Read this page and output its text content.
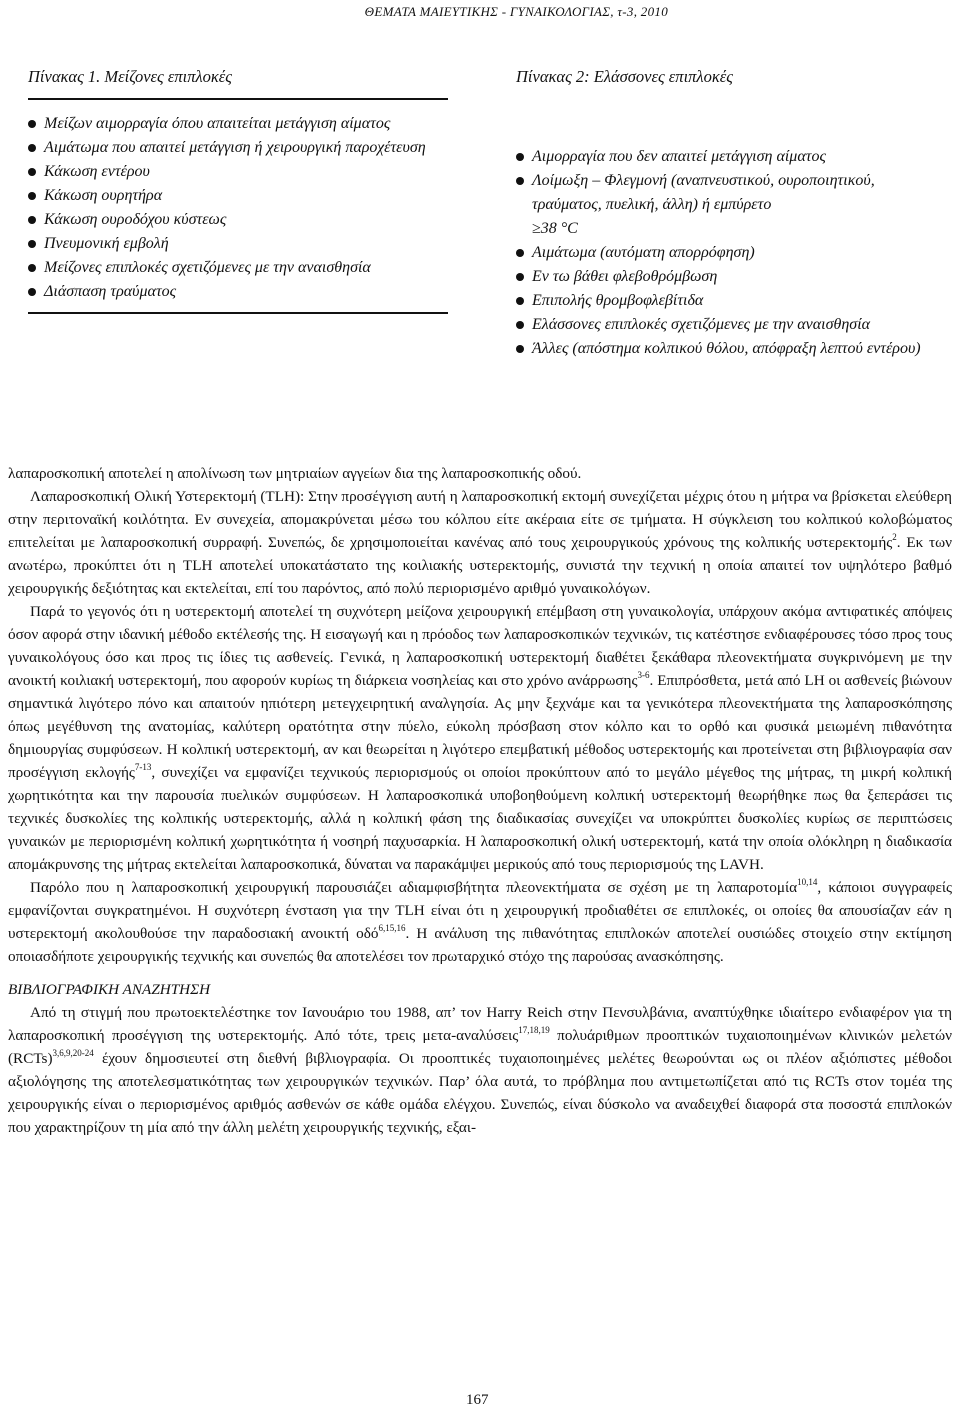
ΘΕΜΑΤΑ ΜΑΙΕΥΤΙΚΗΣ - ΓΥΝΑΙΚΟΛΟΓΙΑΣ, τ-3, 2010
Πίνακας 1. Μείζονες επιπλοκές
Μείζων αιμορραγία όπου απαιτείται μετάγγιση αίματος
Αιμάτωμα που απαιτεί μετάγγιση ή χειρουργική παροχέτευση
Κάκωση εντέρου
Κάκωση ουρητήρα
Κάκωση ουροδόχου κύστεως
Πνευμονική εμβολή
Μείζονες επιπλοκές σχετιζόμενες με την αναισθησία
Διάσπαση τραύματος
Πίνακας 2: Ελάσσονες επιπλοκές
Αιμορραγία που δεν απαιτεί μετάγγιση αίματος
Λοίμωξη – Φλεγμονή (αναπνευστικού, ουροποιητικού, τραύματος, πυελική, άλλη) ή εμπύρετο
≥38 °C
Αιμάτωμα (αυτόματη απορρόφηση)
Εν τω βάθει φλεβοθρόμβωση
Επιπολής θρομβοφλεβίτιδα
Ελάσσονες επιπλοκές σχετιζόμενες με την αναισθησία
Άλλες (απόστημα κολπικού θόλου, απόφραξη λεπτού εντέρου)

λαπαροσκοπική αποτελεί η απολίνωση των μητριαίων αγγείων δια της λαπαροσκοπικής οδού.

Λαπαροσκοπική Ολική Υστερεκτομή (TLH): Στην προσέγγιση αυτή η λαπαροσκοπική εκτομή συνεχίζεται μέχρις ότου η μήτρα να βρίσκεται ελεύθερη στην περιτοναϊκή κοιλότητα. Εν συνεχεία, απομακρύνεται μέσω του κόλπου είτε ακέραια είτε σε τμήματα. Η σύγκλειση του κολπικού κολοβώματος επιτελείται με λαπαροσκοπική συρραφή. Συνεπώς, δε χρησιμοποιείται κανένας από τους χειρουργικούς χρόνους της κολπικής υστερεκτομής$^2$. Εκ των ανωτέρω, προκύπτει ότι η TLH αποτελεί υποκατάστατο της κοιλιακής υστερεκτομής, συνιστά την τεχνική η οποία απαιτεί τον υψηλότερο βαθμό χειρουργικής δεξιότητας και εκτελείται, επί του παρόντος, από πολύ περιορισμένο αριθμό γυναικολόγων.

Παρά το γεγονός ότι η υστερεκτομή αποτελεί τη συχνότερη μείζονα χειρουργική επέμβαση στη γυναικολογία, υπάρχουν ακόμα αντιφατικές απόψεις όσον αφορά στην ιδανική μέθοδο εκτέλεσής της. Η εισαγωγή και η πρόοδος των λαπαροσκοπικών τεχνικών, τις κατέστησε ενδιαφέρουσες τόσο προς τους γυναικολόγους όσο και προς τις ίδιες τις ασθενείς. Γενικά, η λαπαροσκοπική υστερεκτομή διαθέτει ξεκάθαρα πλεονεκτήματα συγκρινόμενη με την ανοικτή κοιλιακή υστερεκτομή, που αφορούν κυρίως τη διάρκεια νοσηλείας και στο χρόνο ανάρρωσης$^{3-6}$. Επιπρόσθετα, μετά από LH οι ασθενείς βιώνουν σημαντικά λιγότερο πόνο και απαιτούν ηπιότερη μετεγχειρητική αναλγησία. Ας μην ξεχνάμε και τα γενικότερα πλεονεκτήματα της λαπαροσκόπησης όπως μεγέθυνση της ανατομίας, καλύτερη ορατότητα στην πύελο, εύκολη πρόσβαση στον κόλπο και το ορθό και φυσικά μειωμένη πιθανότητα δημιουργίας συμφύσεων. Η κολπική υστερεκτομή, αν και θεωρείται η λιγότερο επεμβατική μέθοδος υστερεκτομής και προτείνεται στη βιβλιογραφία σαν προσέγγιση εκλογής$^{7-13}$, συνεχίζει να εμφανίζει τεχνικούς περιορισμούς οι οποίοι προκύπτουν από το μεγάλο μέγεθος της μήτρας, τη μικρή κολπική χωρητικότητα και την παρουσία πυελικών συμφύσεων. Η λαπαροσκοπικά υποβοηθούμενη κολπική υστερεκτομή θεωρήθηκε πως θα ξεπεράσει τις τεχνικές δυσκολίες της κολπικής υστερεκτομής, αλλά η κολπική φάση της διαδικασίας συνεχίζει να υποκρύπτει δυσκολίες κυρίως σε περιπτώσεις γυναικών με περιορισμένη κολπική χωρητικότητα ή νοσηρή παχυσαρκία. Η λαπαροσκοπική ολική υστερεκτομή, κατά την οποία ολόκληρη η διαδικασία απομάκρυνσης της μήτρας εκτελείται λαπαροσκοπικά, δύναται να παρακάμψει μερικούς από τους περιορισμούς της LAVH.

Παρόλο που η λαπαροσκοπική χειρουργική παρουσιάζει αδιαμφισβήτητα πλεονεκτήματα σε σχέση με τη λαπαροτομία$^{10,14}$, κάποιοι συγγραφείς εμφανίζονται συγκρατημένοι. Η συχνότερη ένσταση για την TLH είναι ότι η χειρουργική προδιαθέτει σε επιπλοκές, οι οποίες θα απουσίαζαν εάν η υστερεκτομή ακολουθούσε την παραδοσιακή ανοικτή οδό$^{6,15,16}$. Η ανάλυση της πιθανότητας επιπλοκών αποτελεί ουσιώδες στοιχείο στην εκτίμηση οποιασδήποτε χειρουργικής τεχνικής και συνεπώς θα αποτελέσει τον πρωταρχικό στόχο της παρούσας ανασκόπησης.

ΒΙΒΛΙΟΓΡΑΦΙΚΗ ΑΝΑΖΗΤΗΣΗ

Από τη στιγμή που πρωτοεκτελέστηκε τον Ιανουάριο του 1988, απ’ τον Harry Reich στην Πενσυλβάνια, αναπτύχθηκε ιδιαίτερο ενδιαφέρον για τη λαπαροσκοπική προσέγγιση της υστερεκτομής. Από τότε, τρεις μετα-αναλύσεις$^{17,18,19}$ πολυάριθμων προοπτικών τυχαιοποιημένων κλινικών μελετών (RCTs)$^{3,6,9,20-24}$ έχουν δημοσιευτεί στη διεθνή βιβλιογραφία. Οι προοπτικές τυχαιοποιημένες μελέτες θεωρούνται ως οι πλέον αξιόπιστες μέθοδοι αξιολόγησης της αποτελεσματικότητας των χειρουργικών τεχνικών. Παρ’ όλα αυτά, το πρόβλημα που αντιμετωπίζεται από τις RCTs στον τομέα της χειρουργικής είναι ο περιορισμένος αριθμός ασθενών σε κάθε ομάδα ελέγχου. Συνεπώς, είναι δύσκολο να αναδειχθεί διαφορά στα ποσοστά επιπλοκών που χαρακτηρίζουν τη μία από την άλλη μελέτη χειρουργικής τεχνικής, εξαι-

167
